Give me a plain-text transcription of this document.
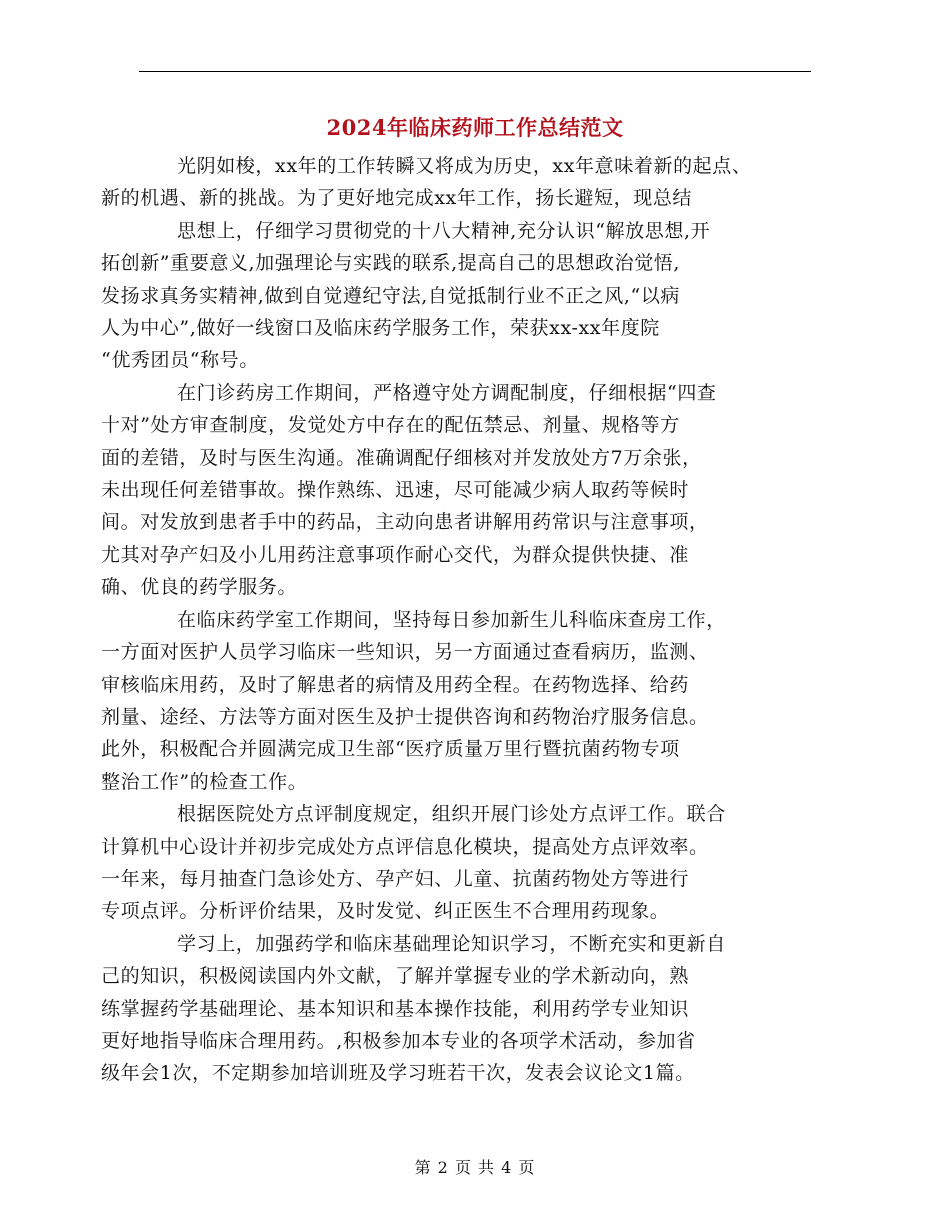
2024年临床药师工作总结范文

光阴如梭，xx年的工作转瞬又将成为历史，xx年意味着新的起点、
新的机遇、新的挑战。为了更好地完成xx年工作，扬长避短，现总结

思想上，仔细学习贯彻党的十八大精神,充分认识“解放思想,开
拓创新”重要意义,加强理论与实践的联系,提高自己的思想政治觉悟,
发扬求真务实精神,做到自觉遵纪守法,自觉抵制行业不正之风,“以病
人为中心”,做好一线窗口及临床药学服务工作，荣获xx-xx年度院
“优秀团员“称号。

在门诊药房工作期间，严格遵守处方调配制度，仔细根据“四查
十对”处方审查制度，发觉处方中存在的配伍禁忌、剂量、规格等方
面的差错，及时与医生沟通。准确调配仔细核对并发放处方7万余张，
未出现任何差错事故。操作熟练、迅速，尽可能减少病人取药等候时
间。对发放到患者手中的药品，主动向患者讲解用药常识与注意事项，
尤其对孕产妇及小儿用药注意事项作耐心交代，为群众提供快捷、准
确、优良的药学服务。

在临床药学室工作期间，坚持每日参加新生儿科临床查房工作，
一方面对医护人员学习临床一些知识，另一方面通过查看病历，监测、
审核临床用药，及时了解患者的病情及用药全程。在药物选择、给药
剂量、途经、方法等方面对医生及护士提供咨询和药物治疗服务信息。
此外，积极配合并圆满完成卫生部“医疗质量万里行暨抗菌药物专项
整治工作”的检查工作。

根据医院处方点评制度规定，组织开展门诊处方点评工作。联合
计算机中心设计并初步完成处方点评信息化模块，提高处方点评效率。
一年来，每月抽查门急诊处方、孕产妇、儿童、抗菌药物处方等进行
专项点评。分析评价结果，及时发觉、纠正医生不合理用药现象。

学习上，加强药学和临床基础理论知识学习，不断充实和更新自
己的知识，积极阅读国内外文献，了解并掌握专业的学术新动向，熟
练掌握药学基础理论、基本知识和基本操作技能，利用药学专业知识
更好地指导临床合理用药。,积极参加本专业的各项学术活动，参加省
级年会1次，不定期参加培训班及学习班若干次，发表会议论文1篇。

第 2 页 共 4 页
